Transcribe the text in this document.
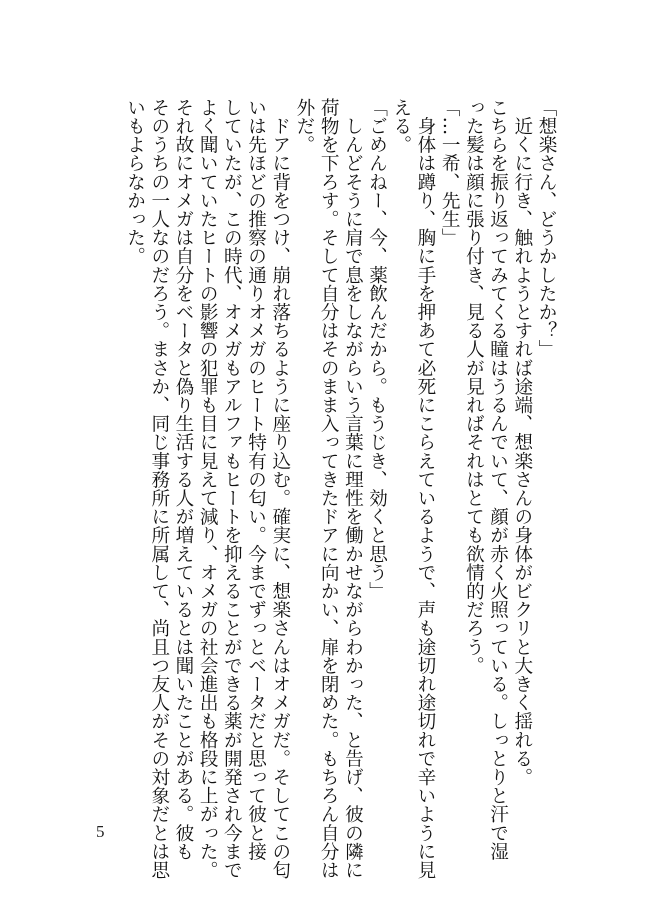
「想楽さん、どうかしたか？」
　近くに行き、触れようとすれば途端、想楽さんの身体がビクリと大きく揺れる。
こちらを振り返ってみてくる瞳はうるんでいて、顔が赤く火照っている。しっとりと汗で湿
った髪は顔に張り付き、見る人が見ればそれはとても欲情的だろう。
「…一希、先生」
　身体は蹲り、胸に手を押あて必死にこらえているようで、声も途切れ途切れで辛いように見
える。
「ごめんねー、今、薬飲んだから。もうじき、効くと思う」
　しんどそうに肩で息をしながらいう言葉に理性を働かせながらわかった、と告げ、彼の隣に
荷物を下ろす。そして自分はそのまま入ってきたドアに向かい、扉を閉めた。もちろん自分は
外だ。
　ドアに背をつけ、崩れ落ちるように座り込む。確実に、想楽さんはオメガだ。そしてこの匂
いは先ほどの推察の通りオメガのヒート特有の匂い。今までずっとベータだと思って彼と接
していたが、この時代、オメガもアルファもヒートを抑えることができる薬が開発され今まで
よく聞いていたヒートの影響の犯罪も目に見えて減り、オメガの社会進出も格段に上がった。
それ故にオメガは自分をベータと偽り生活する人が増えているとは聞いたことがある。彼も
そのうちの一人なのだろう。まさか、同じ事務所に所属して、尚且つ友人がその対象だとは思
いもよらなかった。
5
